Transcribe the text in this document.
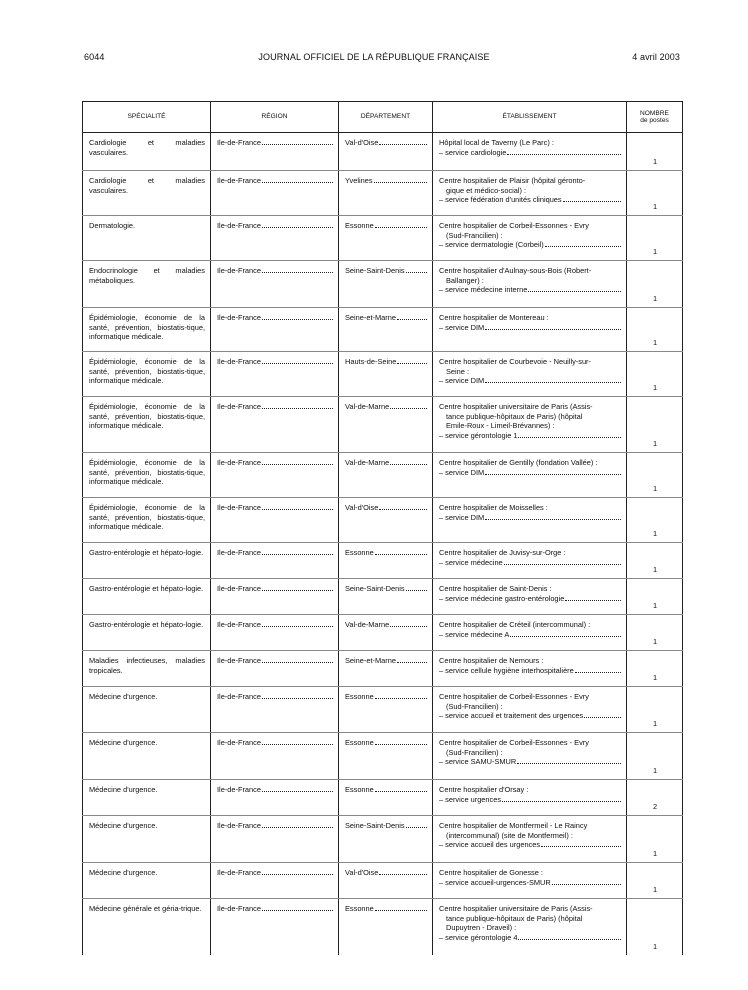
6044	JOURNAL OFFICIEL DE LA RÉPUBLIQUE FRANÇAISE	4 avril 2003
SPÉCIALITÉ	RÉGION	DÉPARTEMENT	ÉTABLISSEMENT	NOMBRE
de postes

Cardiologie et maladies vasculaires.	Ile-de-France	Val-d'Oise	Hôpital local de Taverny (Le Parc) :
– service cardiologie	1

Cardiologie et maladies vasculaires.	Ile-de-France	Yvelines	Centre hospitalier de Plaisir (hôpital géronto-
gique et médico-social) :
– service fédération d'unités cliniques	1

Dermatologie.	Ile-de-France	Essonne	Centre hospitalier de Corbeil-Essonnes - Evry
(Sud-Francilien) :
– service dermatologie (Corbeil)	1

Endocrinologie et maladies métaboliques.	Ile-de-France	Seine-Saint-Denis	Centre hospitalier d'Aulnay-sous-Bois (Robert-
Ballanger) :
– service médecine interne	1

Épidémiologie, économie de la santé, prévention, biostatis-tique, informatique médicale.	Ile-de-France	Seine-et-Marne	Centre hospitalier de Montereau :
– service DIM	1

Épidémiologie, économie de la santé, prévention, biostatis-tique, informatique médicale.	Ile-de-France	Hauts-de-Seine	Centre hospitalier de Courbevoie - Neuilly-sur-
Seine :
– service DIM	1

Épidémiologie, économie de la santé, prévention, biostatis-tique, informatique médicale.	Ile-de-France	Val-de-Marne	Centre hospitalier universitaire de Paris (Assis-
tance publique-hôpitaux de Paris) (hôpital
Emile-Roux - Limeil-Brévannes) :
– service gérontologie 1	1

Épidémiologie, économie de la santé, prévention, biostatis-tique, informatique médicale.	Ile-de-France	Val-de-Marne	Centre hospitalier de Gentilly (fondation Vallée) :
– service DIM	1

Épidémiologie, économie de la santé, prévention, biostatis-tique, informatique médicale.	Ile-de-France	Val-d'Oise	Centre hospitalier de Moisselles :
– service DIM	1

Gastro-entérologie et hépato-logie.	Ile-de-France	Essonne	Centre hospitalier de Juvisy-sur-Orge :
– service médecine	1

Gastro-entérologie et hépato-logie.	Ile-de-France	Seine-Saint-Denis	Centre hospitalier de Saint-Denis :
– service médecine gastro-entérologie	1

Gastro-entérologie et hépato-logie.	Ile-de-France	Val-de-Marne	Centre hospitalier de Créteil (intercommunal) :
– service médecine A	1

Maladies infectieuses, maladies tropicales.	Ile-de-France	Seine-et-Marne	Centre hospitalier de Nemours :
– service cellule hygiène interhospitalière	1

Médecine d'urgence.	Ile-de-France	Essonne	Centre hospitalier de Corbeil-Essonnes - Evry
(Sud-Francilien) :
– service accueil et traitement des urgences	1

Médecine d'urgence.	Ile-de-France	Essonne	Centre hospitalier de Corbeil-Essonnes - Evry
(Sud-Francilien) :
– service SAMU-SMUR	1

Médecine d'urgence.	Ile-de-France	Essonne	Centre hospitalier d'Orsay :
– service urgences	2

Médecine d'urgence.	Ile-de-France	Seine-Saint-Denis	Centre hospitalier de Montfermeil - Le Raincy
(intercommunal) (site de Montfermeil) :
– service accueil des urgences	1

Médecine d'urgence.	Ile-de-France	Val-d'Oise	Centre hospitalier de Gonesse :
– service accueil-urgences-SMUR	1

Médecine générale et géria-trique.	Ile-de-France	Essonne	Centre hospitalier universitaire de Paris (Assis-
tance publique-hôpitaux de Paris) (hôpital
Dupuytren - Draveil) :
– service gérontologie 4	1
